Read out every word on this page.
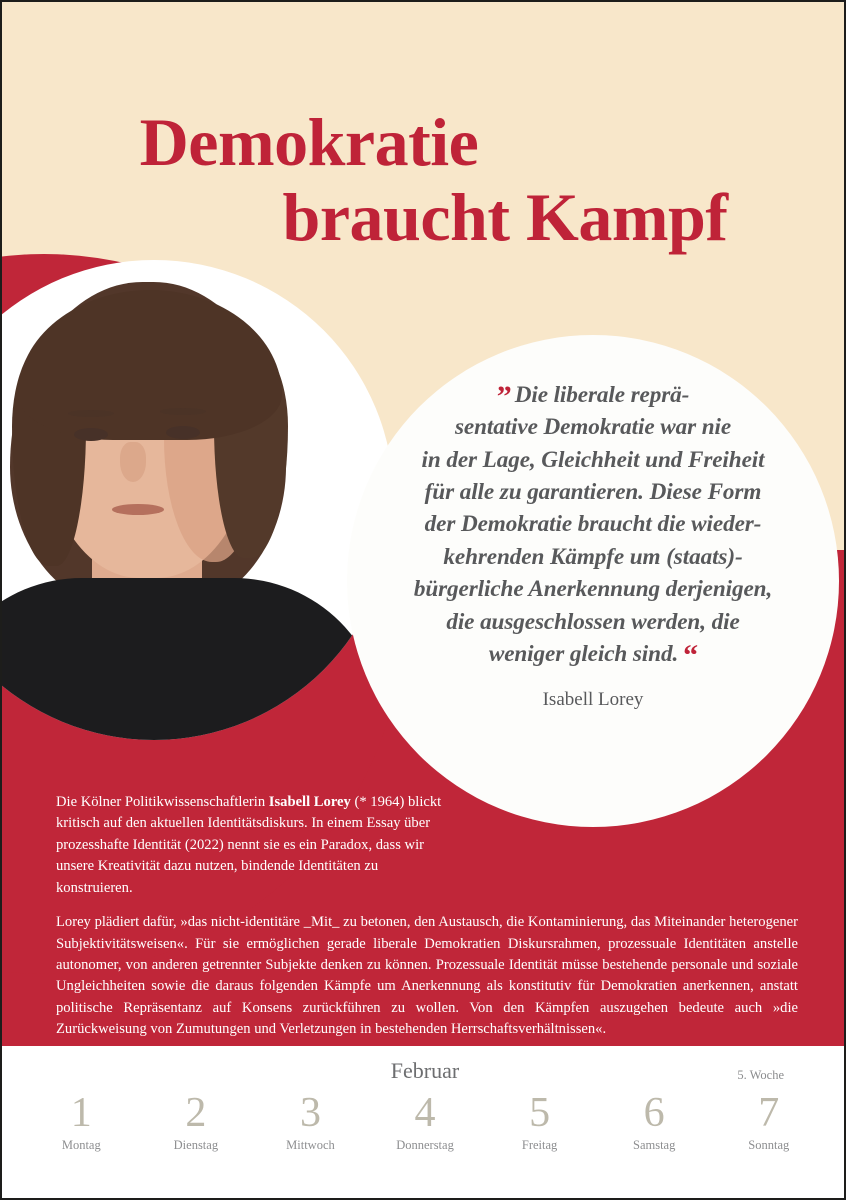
Demokratie
braucht Kampf
” Die liberale reprä-
sentative Demokratie war nie
in der Lage, Gleichheit und Freiheit
für alle zu garantieren. Diese Form
der Demokratie braucht die wieder-
kehrenden Kämpfe um (staats)-
bürgerliche Anerkennung derjenigen,
die ausgeschlossen werden, die
weniger gleich sind. “
Isabell Lorey

Die Kölner Politikwissenschaftlerin Isabell Lorey (* 1964) blickt kritisch auf den aktuellen Identitätsdiskurs. In einem Essay über prozesshafte Identität (2022) nennt sie es ein Paradox, dass wir unsere Kreativität dazu nutzen, bindende Identitäten zu konstruieren.

Lorey plädiert dafür, »das nicht-identitäre _Mit_ zu betonen, den Austausch, die Kontaminierung, das Miteinander heterogener Subjektivitätsweisen«. Für sie ermöglichen gerade liberale Demokratien Diskursrahmen, prozessuale Identitäten anstelle autonomer, von anderen getrennter Subjekte denken zu können. Prozessuale Identität müsse bestehende personale und soziale Ungleichheiten sowie die daraus folgenden Kämpfe um Anerkennung als konstitutiv für Demokratien anerkennen, anstatt politische Repräsentanz auf Konsens zurückführen zu wollen. Von den Kämpfen auszugehen bedeute auch »die Zurückweisung von Zumutungen und Verletzungen in bestehenden Herrschaftsverhältnissen«.

Februar	5. Woche
1
Montag
2
Dienstag
3
Mittwoch
4
Donnerstag
5
Freitag
6
Samstag
7
Sonntag
